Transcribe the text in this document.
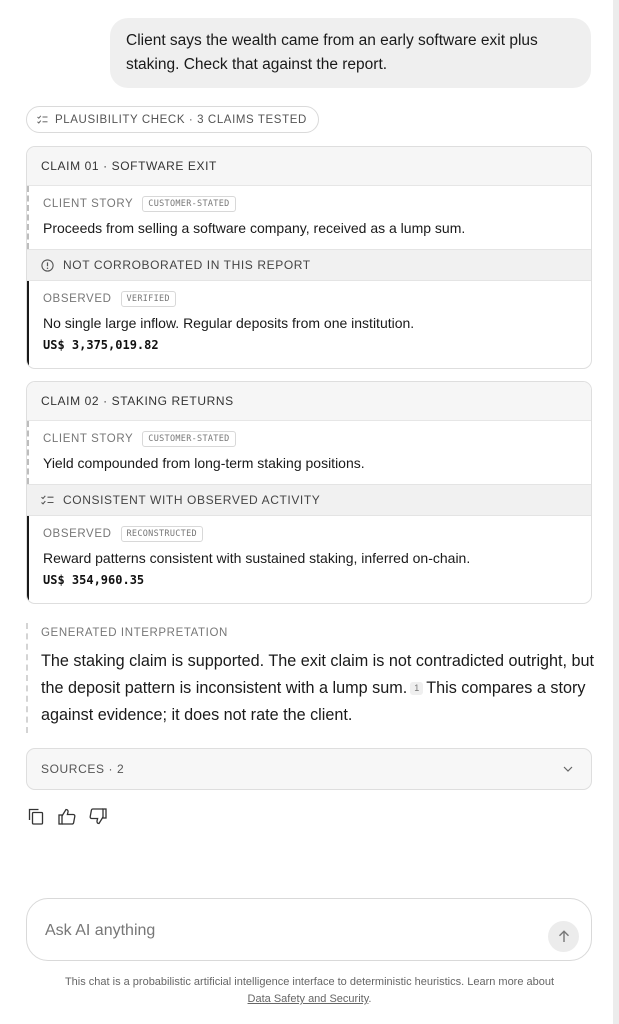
Client says the wealth came from an early software exit plus staking. Check that against the report.
PLAUSIBILITY CHECK · 3 CLAIMS TESTED
CLAIM 01 · SOFTWARE EXIT
CLIENT STORY	CUSTOMER-STATED
Proceeds from selling a software company, received as a lump sum.
NOT CORROBORATED IN THIS REPORT
OBSERVED	VERIFIED
No single large inflow. Regular deposits from one institution.
US$ 3,375,019.82
CLAIM 02 · STAKING RETURNS
CLIENT STORY	CUSTOMER-STATED
Yield compounded from long-term staking positions.
CONSISTENT WITH OBSERVED ACTIVITY
OBSERVED	RECONSTRUCTED
Reward patterns consistent with sustained staking, inferred on-chain.
US$ 354,960.35
GENERATED INTERPRETATION
The staking claim is supported. The exit claim is not contradicted outright, but the deposit pattern is inconsistent with a lump sum. 1 This compares a story against evidence; it does not rate the client.
SOURCES · 2
Ask AI anything
This chat is a probabilistic artificial intelligence interface to deterministic heuristics. Learn more about
Data Safety and Security.
